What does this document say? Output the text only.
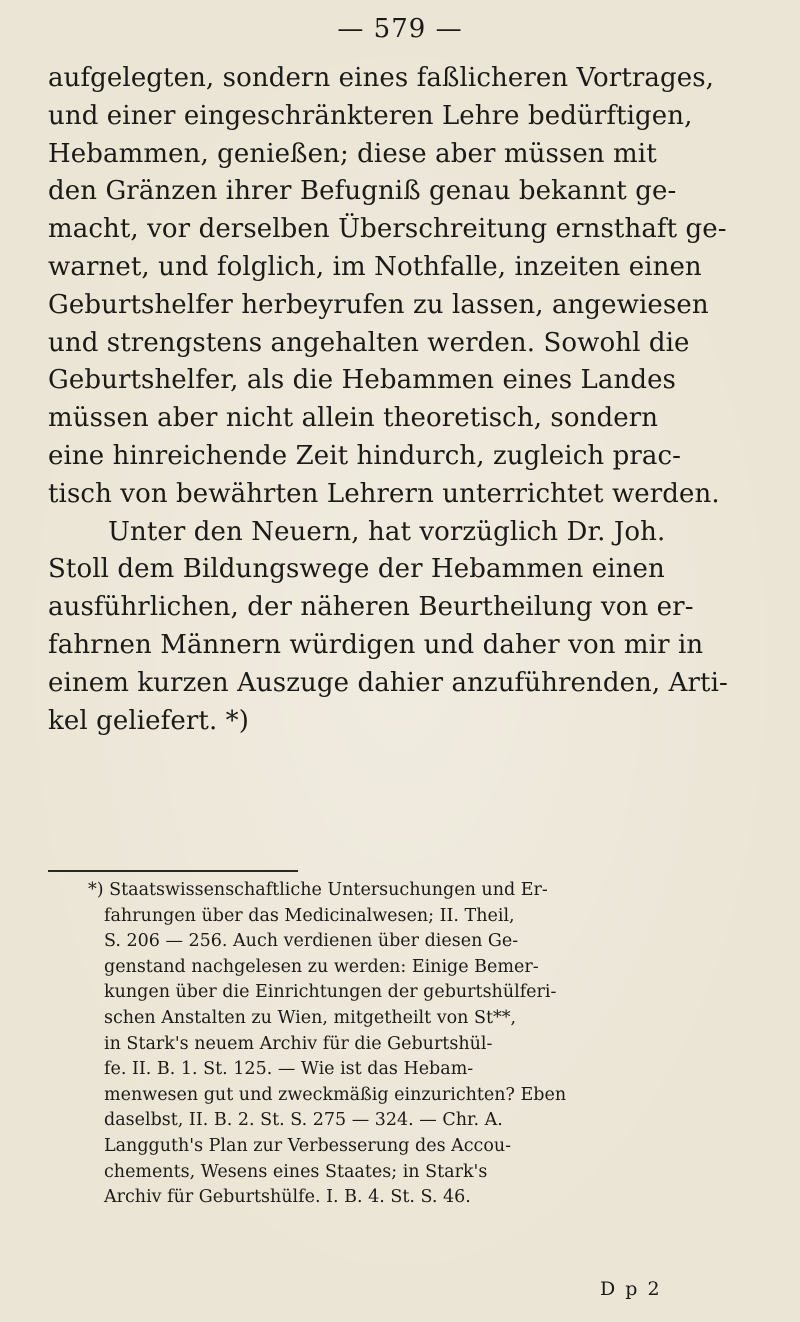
— 579 —
aufgelegten, sondern eines faßlicheren Vortrages,
und einer eingeschränkteren Lehre bedürftigen,
Hebammen, genießen; diese aber müssen mit
den Gränzen ihrer Befugniß genau bekannt ge-
macht, vor derselben Überschreitung ernsthaft ge-
warnet, und folglich, im Nothfalle, inzeiten einen
Geburtshelfer herbeyrufen zu lassen, angewiesen
und strengstens angehalten werden. Sowohl die
Geburtshelfer, als die Hebammen eines Landes
müssen aber nicht allein theoretisch, sondern
eine hinreichende Zeit hindurch, zugleich prac-
tisch von bewährten Lehrern unterrichtet werden.
Unter den Neuern, hat vorzüglich Dr. Joh.
Stoll dem Bildungswege der Hebammen einen
ausführlichen, der näheren Beurtheilung von er-
fahrnen Männern würdigen und daher von mir in
einem kurzen Auszuge dahier anzuführenden, Arti-
kel geliefert. *)
*) Staatswissenschaftliche Untersuchungen und Er-
fahrungen über das Medicinalwesen; II. Theil,
S. 206 — 256. Auch verdienen über diesen Ge-
genstand nachgelesen zu werden: Einige Bemer-
kungen über die Einrichtungen der geburtshülferi-
schen Anstalten zu Wien, mitgetheilt von St**,
in Stark's neuem Archiv für die Geburtshül-
fe. II. B. 1. St. 125. — Wie ist das Hebam-
menwesen gut und zweckmäßig einzurichten? Eben
daselbst, II. B. 2. St. S. 275 — 324. — Chr. A.
Langguth's Plan zur Verbesserung des Accou-
chements, Wesens eines Staates; in Stark's
Archiv für Geburtshülfe. I. B. 4. St. S. 46.
D p 2
